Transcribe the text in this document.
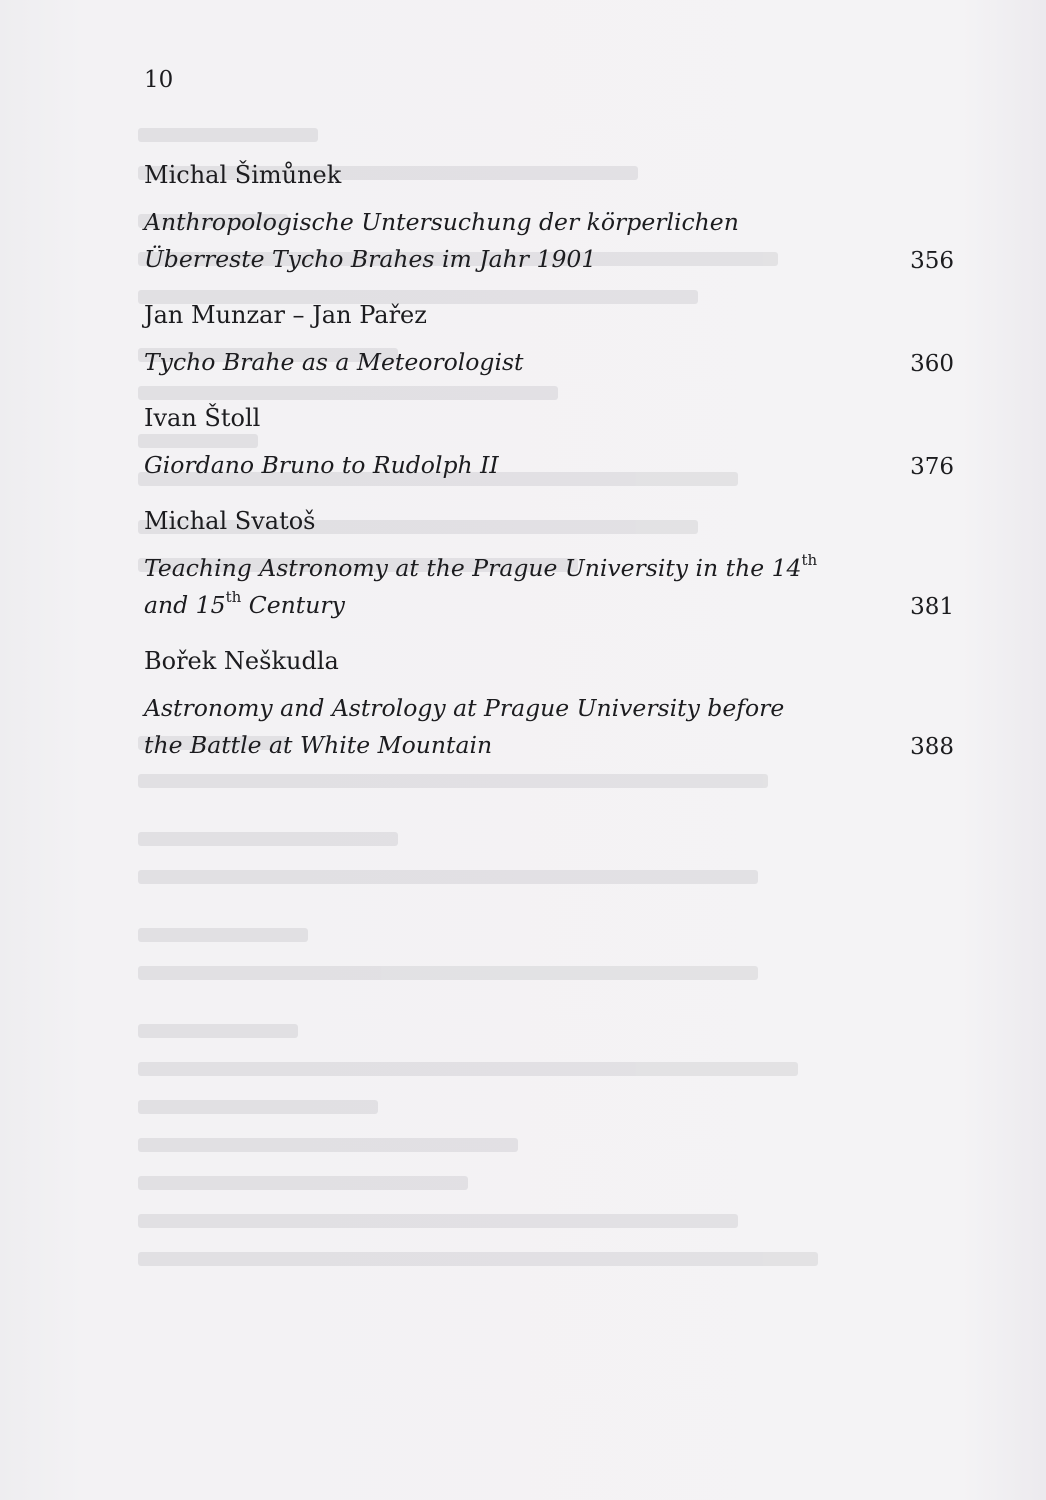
10
Michal Šimůnek
Anthropologische Untersuchung der körperlichen
Überreste Tycho Brahes im Jahr 1901	356
Jan Munzar – Jan Pařez
Tycho Brahe as a Meteorologist	360
Ivan Štoll
Giordano Bruno to Rudolph II	376
Michal Svatoš
Teaching Astronomy at the Prague University in the 14th
and 15th Century	381
Bořek Neškudla
Astronomy and Astrology at Prague University before
the Battle at White Mountain	388
